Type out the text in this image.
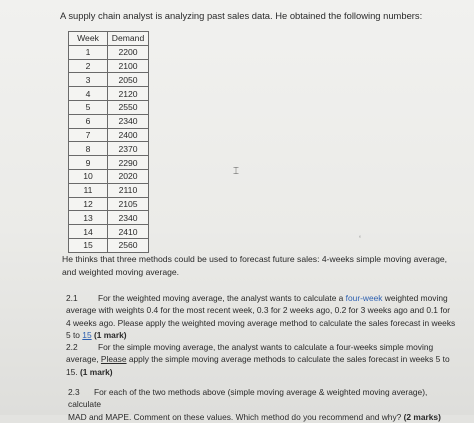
A supply chain analyst is analyzing past sales data. He obtained the following numbers:
Week	Demand
1	2200
2	2100
3	2050
4	2120
5	2550
6	2340
7	2400
8	2370
9	2290
10	2020
11	2110
12	2105
13	2340
14	2410
15	2560
⌶
‘
He thinks that three methods could be used to forecast future sales: 4-weeks simple moving average,
and weighted moving average.
2.1 For the weighted moving average, the analyst wants to calculate a four-week weighted moving
average with weights 0.4 for the most recent week, 0.3 for 2 weeks ago, 0.2 for 3 weeks ago and 0.1 for
4 weeks ago. Please apply the weighted moving average method to calculate the sales forecast in weeks
5 to 15 (1 mark)
2.2 For the simple moving average, the analyst wants to calculate a four-weeks simple moving
average, Please apply the simple moving average methods to calculate the sales forecast in weeks 5 to
15. (1 mark)
2.3 For each of the two methods above (simple moving average & weighted moving average), calculate
MAD and MAPE. Comment on these values. Which method do you recommend and why? (2 marks)
